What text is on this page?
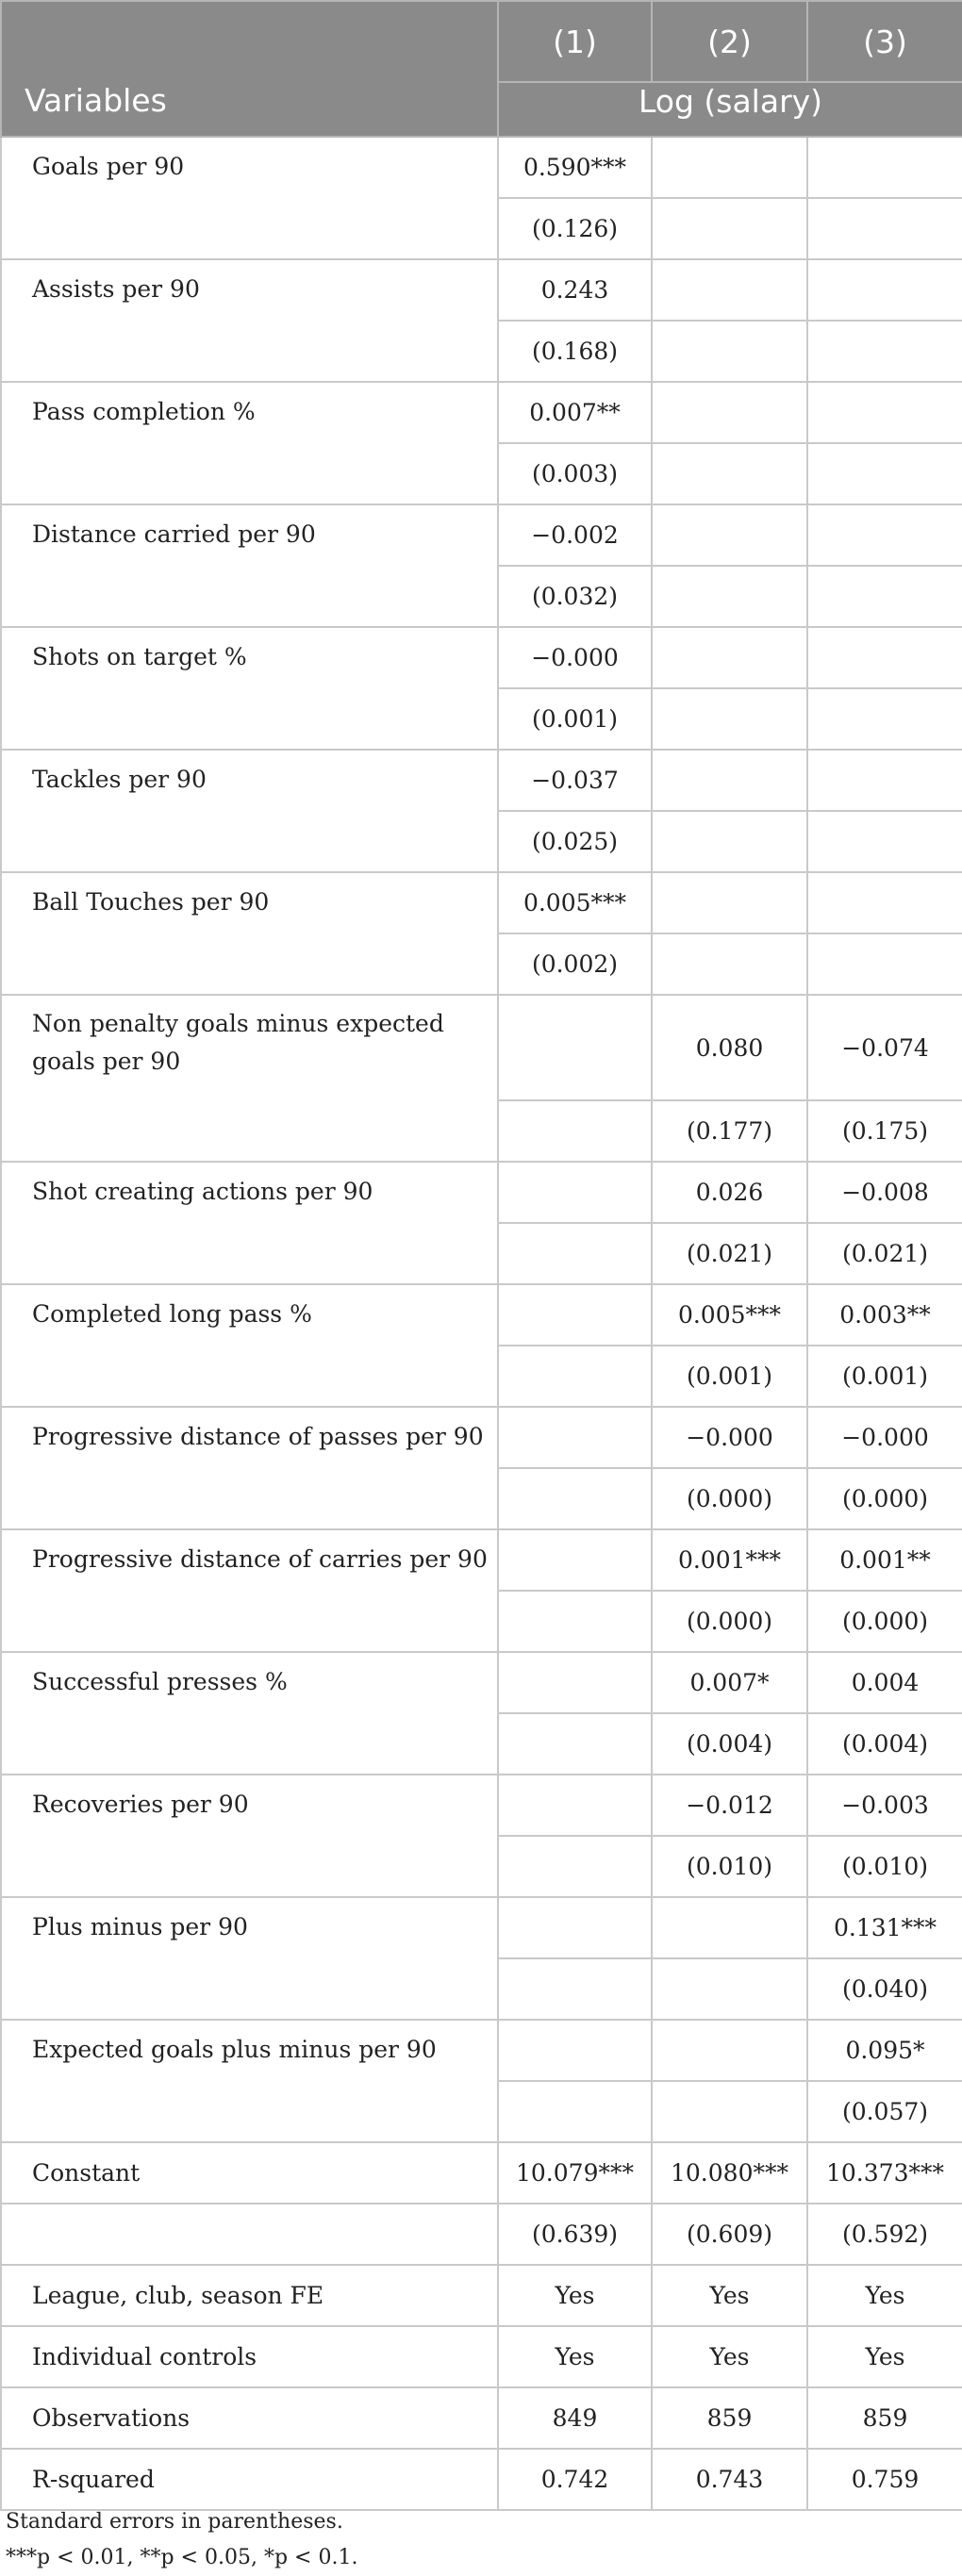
	(1)	(2)	(3)
Variables	Log (salary)		
Goals per 90	0.590***		
	(0.126)		
Assists per 90	0.243		
	(0.168)		
Pass completion %	0.007**		
	(0.003)		
Distance carried per 90	−0.002		
	(0.032)		
Shots on target %	−0.000		
	(0.001)		
Tackles per 90	−0.037		
	(0.025)		
Ball Touches per 90	0.005***		
	(0.002)		
Non penalty goals minus expected goals per 90		0.080	−0.074
		(0.177)	(0.175)
Shot creating actions per 90		0.026	−0.008
		(0.021)	(0.021)
Completed long pass %		0.005***	0.003**
		(0.001)	(0.001)
Progressive distance of passes per 90		−0.000	−0.000
		(0.000)	(0.000)
Progressive distance of carries per 90		0.001***	0.001**
		(0.000)	(0.000)
Successful presses %		0.007*	0.004
		(0.004)	(0.004)
Recoveries per 90		−0.012	−0.003
		(0.010)	(0.010)
Plus minus per 90			0.131***
			(0.040)
Expected goals plus minus per 90			0.095*
			(0.057)
Constant	10.079***	10.080***	10.373***
	(0.639)	(0.609)	(0.592)
League, club, season FE	Yes	Yes	Yes
Individual controls	Yes	Yes	Yes
Observations	849	859	859
R-squared	0.742	0.743	0.759
Standard errors in parentheses.
***p < 0.01, **p < 0.05, *p < 0.1.
